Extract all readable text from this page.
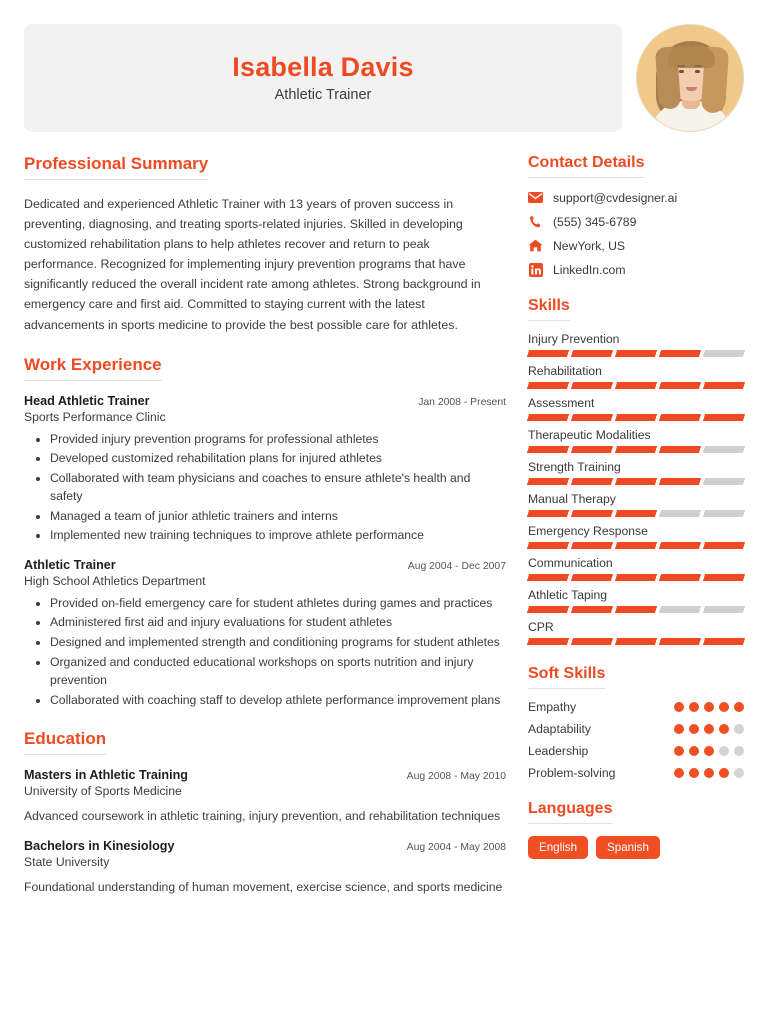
Isabella Davis
Athletic Trainer
Professional Summary

Dedicated and experienced Athletic Trainer with 13 years of proven success in preventing, diagnosing, and treating sports-related injuries. Skilled in developing customized rehabilitation plans to help athletes recover and return to peak performance. Recognized for implementing injury prevention programs that have significantly reduced the overall incident rate among athletes. Strong background in emergency care and first aid. Committed to staying current with the latest advancements in sports medicine to provide the best possible care for athletes.

Work Experience
Head Athletic Trainer	Jan 2008 - Present
Sports Performance Clinic
• Provided injury prevention programs for professional athletes
• Developed customized rehabilitation plans for injured athletes
• Collaborated with team physicians and coaches to ensure athlete's health and safety
• Managed a team of junior athletic trainers and interns
• Implemented new training techniques to improve athlete performance
Athletic Trainer	Aug 2004 - Dec 2007
High School Athletics Department
• Provided on-field emergency care for student athletes during games and practices
• Administered first aid and injury evaluations for student athletes
• Designed and implemented strength and conditioning programs for student athletes
• Organized and conducted educational workshops on sports nutrition and injury prevention
• Collaborated with coaching staff to develop athlete performance improvement plans
Education
Masters in Athletic Training	Aug 2008 - May 2010
University of Sports Medicine
Advanced coursework in athletic training, injury prevention, and rehabilitation techniques
Bachelors in Kinesiology	Aug 2004 - May 2008
State University
Foundational understanding of human movement, exercise science, and sports medicine
Contact Details
support@cvdesigner.ai
(555) 345-6789
NewYork, US
LinkedIn.com
Skills
Injury Prevention
Rehabilitation
Assessment
Therapeutic Modalities
Strength Training
Manual Therapy
Emergency Response
Communication
Athletic Taping
CPR
Soft Skills
Empathy
Adaptability
Leadership
Problem-solving
Languages
English	Spanish
